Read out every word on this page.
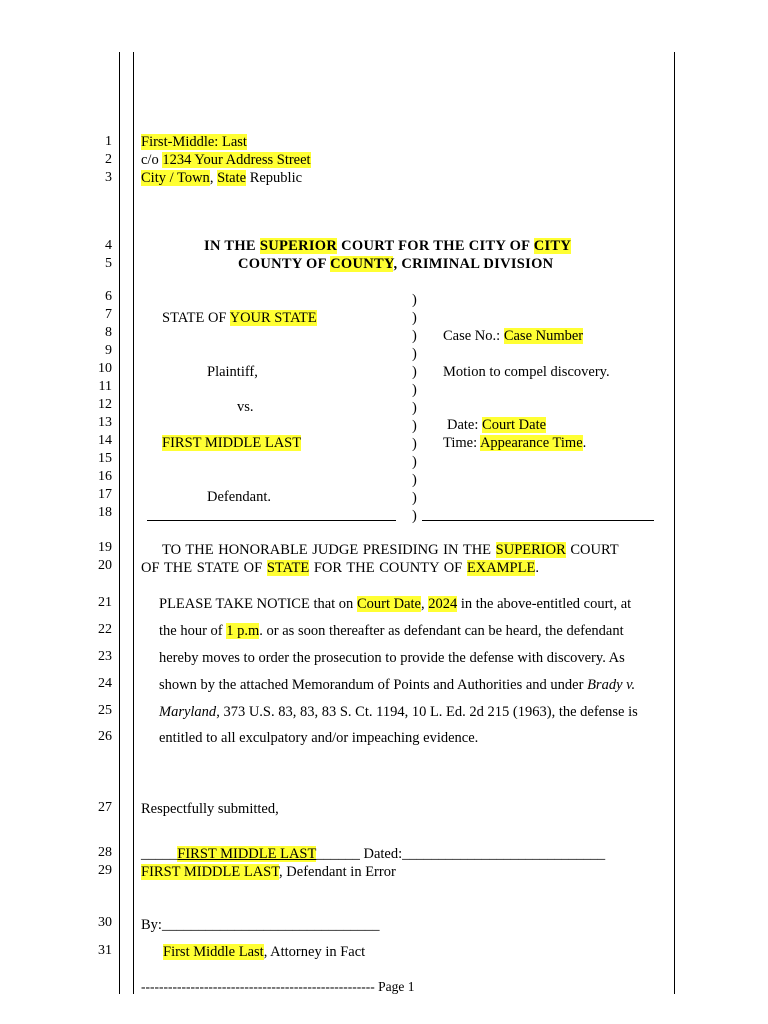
1
2
3
4
5
6
7
8
9
10
11
12
13
14
15
16
17
18
19
20
21
22
23
24
25
26
27
28
29
30
31
First-Middle: Last
c/o 1234 Your Address Street
City / Town, State Republic
IN THE SUPERIOR COURT FOR THE CITY OF CITY
COUNTY OF COUNTY, CRIMINAL DIVISION
STATE OF YOUR STATE
Plaintiff,
vs.
FIRST MIDDLE LAST
Defendant.
)
)
)
)
)
)
)
)
)
)
)
)
)
Case No.: Case Number
Motion to compel discovery.
Date: Court Date
Time: Appearance Time.
TO THE HONORABLE JUDGE PRESIDING IN THE SUPERIOR COURT
OF THE STATE OF STATE FOR THE COUNTY OF EXAMPLE.
PLEASE TAKE NOTICE that on Court Date, 2024 in the above-entitled court, at
the hour of 1 p.m. or as soon thereafter as defendant can be heard, the defendant
hereby moves to order the prosecution to provide the defense with discovery. As
shown by the attached Memorandum of Points and Authorities and under Brady v.
Maryland, 373 U.S. 83, 83, 83 S. Ct. 1194, 10 L. Ed. 2d 215 (1963), the defense is
entitled to all exculpatory and/or impeaching evidence.
Respectfully submitted,
_____FIRST MIDDLE LAST______ Dated:____________________________
FIRST MIDDLE LAST, Defendant in Error
By:______________________________
First Middle Last, Attorney in Fact
---------------------------------------------------- Page 1
